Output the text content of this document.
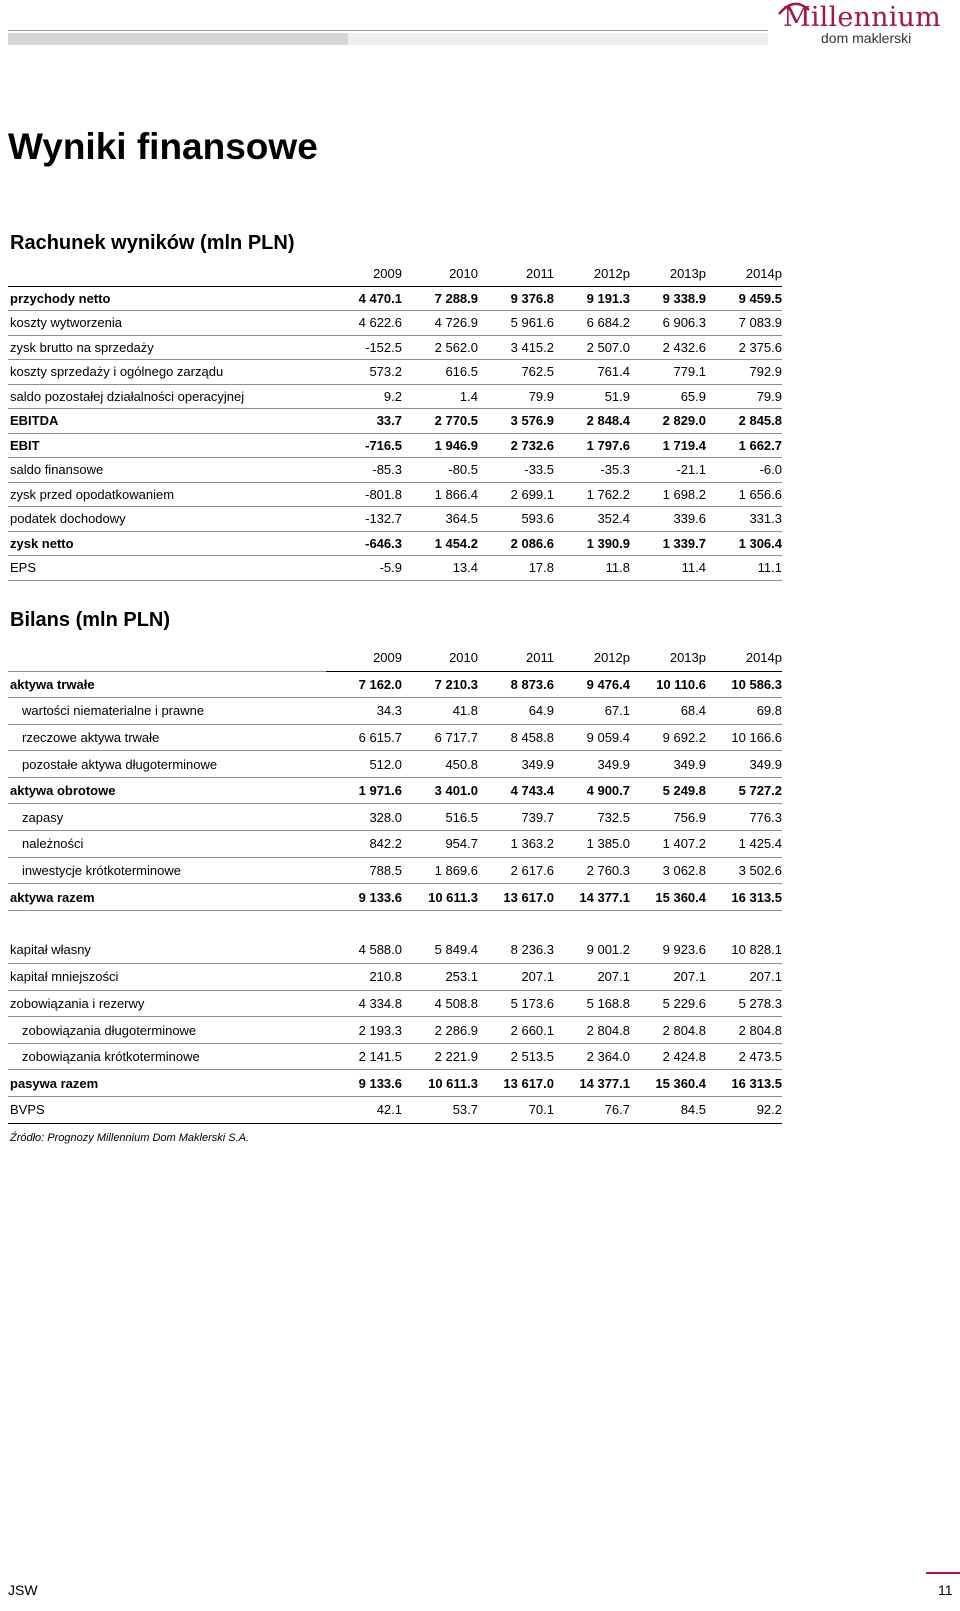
Millennium
dom maklerski
Wyniki finansowe
Rachunek wyników (mln PLN)
	2009	2010	2011	2012p	2013p	2014p
przychody netto	4 470.1	7 288.9	9 376.8	9 191.3	9 338.9	9 459.5
koszty wytworzenia	4 622.6	4 726.9	5 961.6	6 684.2	6 906.3	7 083.9
zysk brutto na sprzedaży	-152.5	2 562.0	3 415.2	2 507.0	2 432.6	2 375.6
koszty sprzedaży i ogólnego zarządu	573.2	616.5	762.5	761.4	779.1	792.9
saldo pozostałej działalności operacyjnej	9.2	1.4	79.9	51.9	65.9	79.9
EBITDA	33.7	2 770.5	3 576.9	2 848.4	2 829.0	2 845.8
EBIT	-716.5	1 946.9	2 732.6	1 797.6	1 719.4	1 662.7
saldo finansowe	-85.3	-80.5	-33.5	-35.3	-21.1	-6.0
zysk przed opodatkowaniem	-801.8	1 866.4	2 699.1	1 762.2	1 698.2	1 656.6
podatek dochodowy	-132.7	364.5	593.6	352.4	339.6	331.3
zysk netto	-646.3	1 454.2	2 086.6	1 390.9	1 339.7	1 306.4
EPS	-5.9	13.4	17.8	11.8	11.4	11.1
Bilans (mln PLN)
	2009	2010	2011	2012p	2013p	2014p
aktywa trwałe	7 162.0	7 210.3	8 873.6	9 476.4	10 110.6	10 586.3
wartości niematerialne i prawne	34.3	41.8	64.9	67.1	68.4	69.8
rzeczowe aktywa trwałe	6 615.7	6 717.7	8 458.8	9 059.4	9 692.2	10 166.6
pozostałe aktywa długoterminowe	512.0	450.8	349.9	349.9	349.9	349.9
aktywa obrotowe	1 971.6	3 401.0	4 743.4	4 900.7	5 249.8	5 727.2
zapasy	328.0	516.5	739.7	732.5	756.9	776.3
należności	842.2	954.7	1 363.2	1 385.0	1 407.2	1 425.4
inwestycje krótkoterminowe	788.5	1 869.6	2 617.6	2 760.3	3 062.8	3 502.6
aktywa razem	9 133.6	10 611.3	13 617.0	14 377.1	15 360.4	16 313.5

kapitał własny	4 588.0	5 849.4	8 236.3	9 001.2	9 923.6	10 828.1
kapitał mniejszości	210.8	253.1	207.1	207.1	207.1	207.1
zobowiązania i rezerwy	4 334.8	4 508.8	5 173.6	5 168.8	5 229.6	5 278.3
zobowiązania długoterminowe	2 193.3	2 286.9	2 660.1	2 804.8	2 804.8	2 804.8
zobowiązania krótkoterminowe	2 141.5	2 221.9	2 513.5	2 364.0	2 424.8	2 473.5
pasywa razem	9 133.6	10 611.3	13 617.0	14 377.1	15 360.4	16 313.5
BVPS	42.1	53.7	70.1	76.7	84.5	92.2
Źródło: Prognozy Millennium Dom Maklerski S.A.
JSW	11
